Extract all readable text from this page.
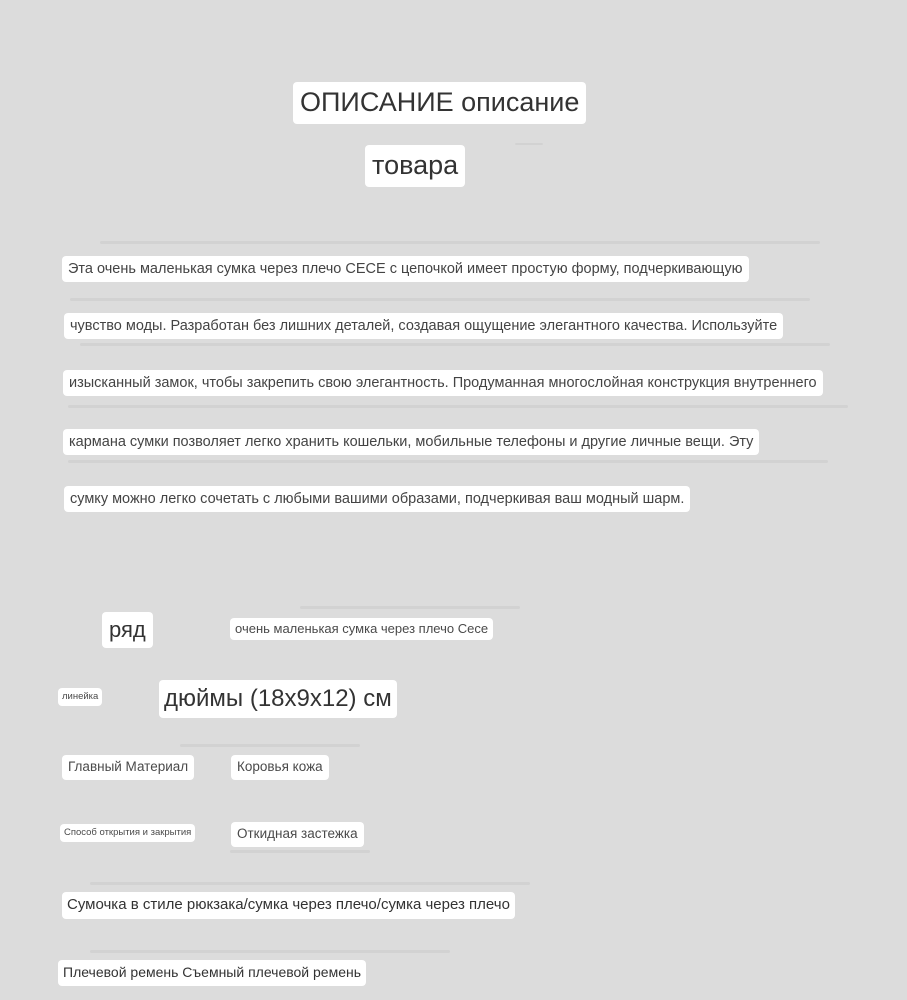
ОПИСАНИЕ описание
товара
Эта очень маленькая сумка через плечо CECE с цепочкой имеет простую форму, подчеркивающую
чувство моды. Разработан без лишних деталей, создавая ощущение элегантного качества. Используйте
изысканный замок, чтобы закрепить свою элегантность. Продуманная многослойная конструкция внутреннего
кармана сумки позволяет легко хранить кошельки, мобильные телефоны и другие личные вещи. Эту
сумку можно легко сочетать с любыми вашими образами, подчеркивая ваш модный шарм.
ряд	очень маленькая сумка через плечо Cece
линейка	дюймы (18x9x12) см
Главный Материал	Коровья кожа
Способ открытия и закрытия	Откидная застежка
Сумочка в стиле рюкзака/сумка через плечо/сумка через плечо
Плечевой ремень Съемный плечевой ремень
